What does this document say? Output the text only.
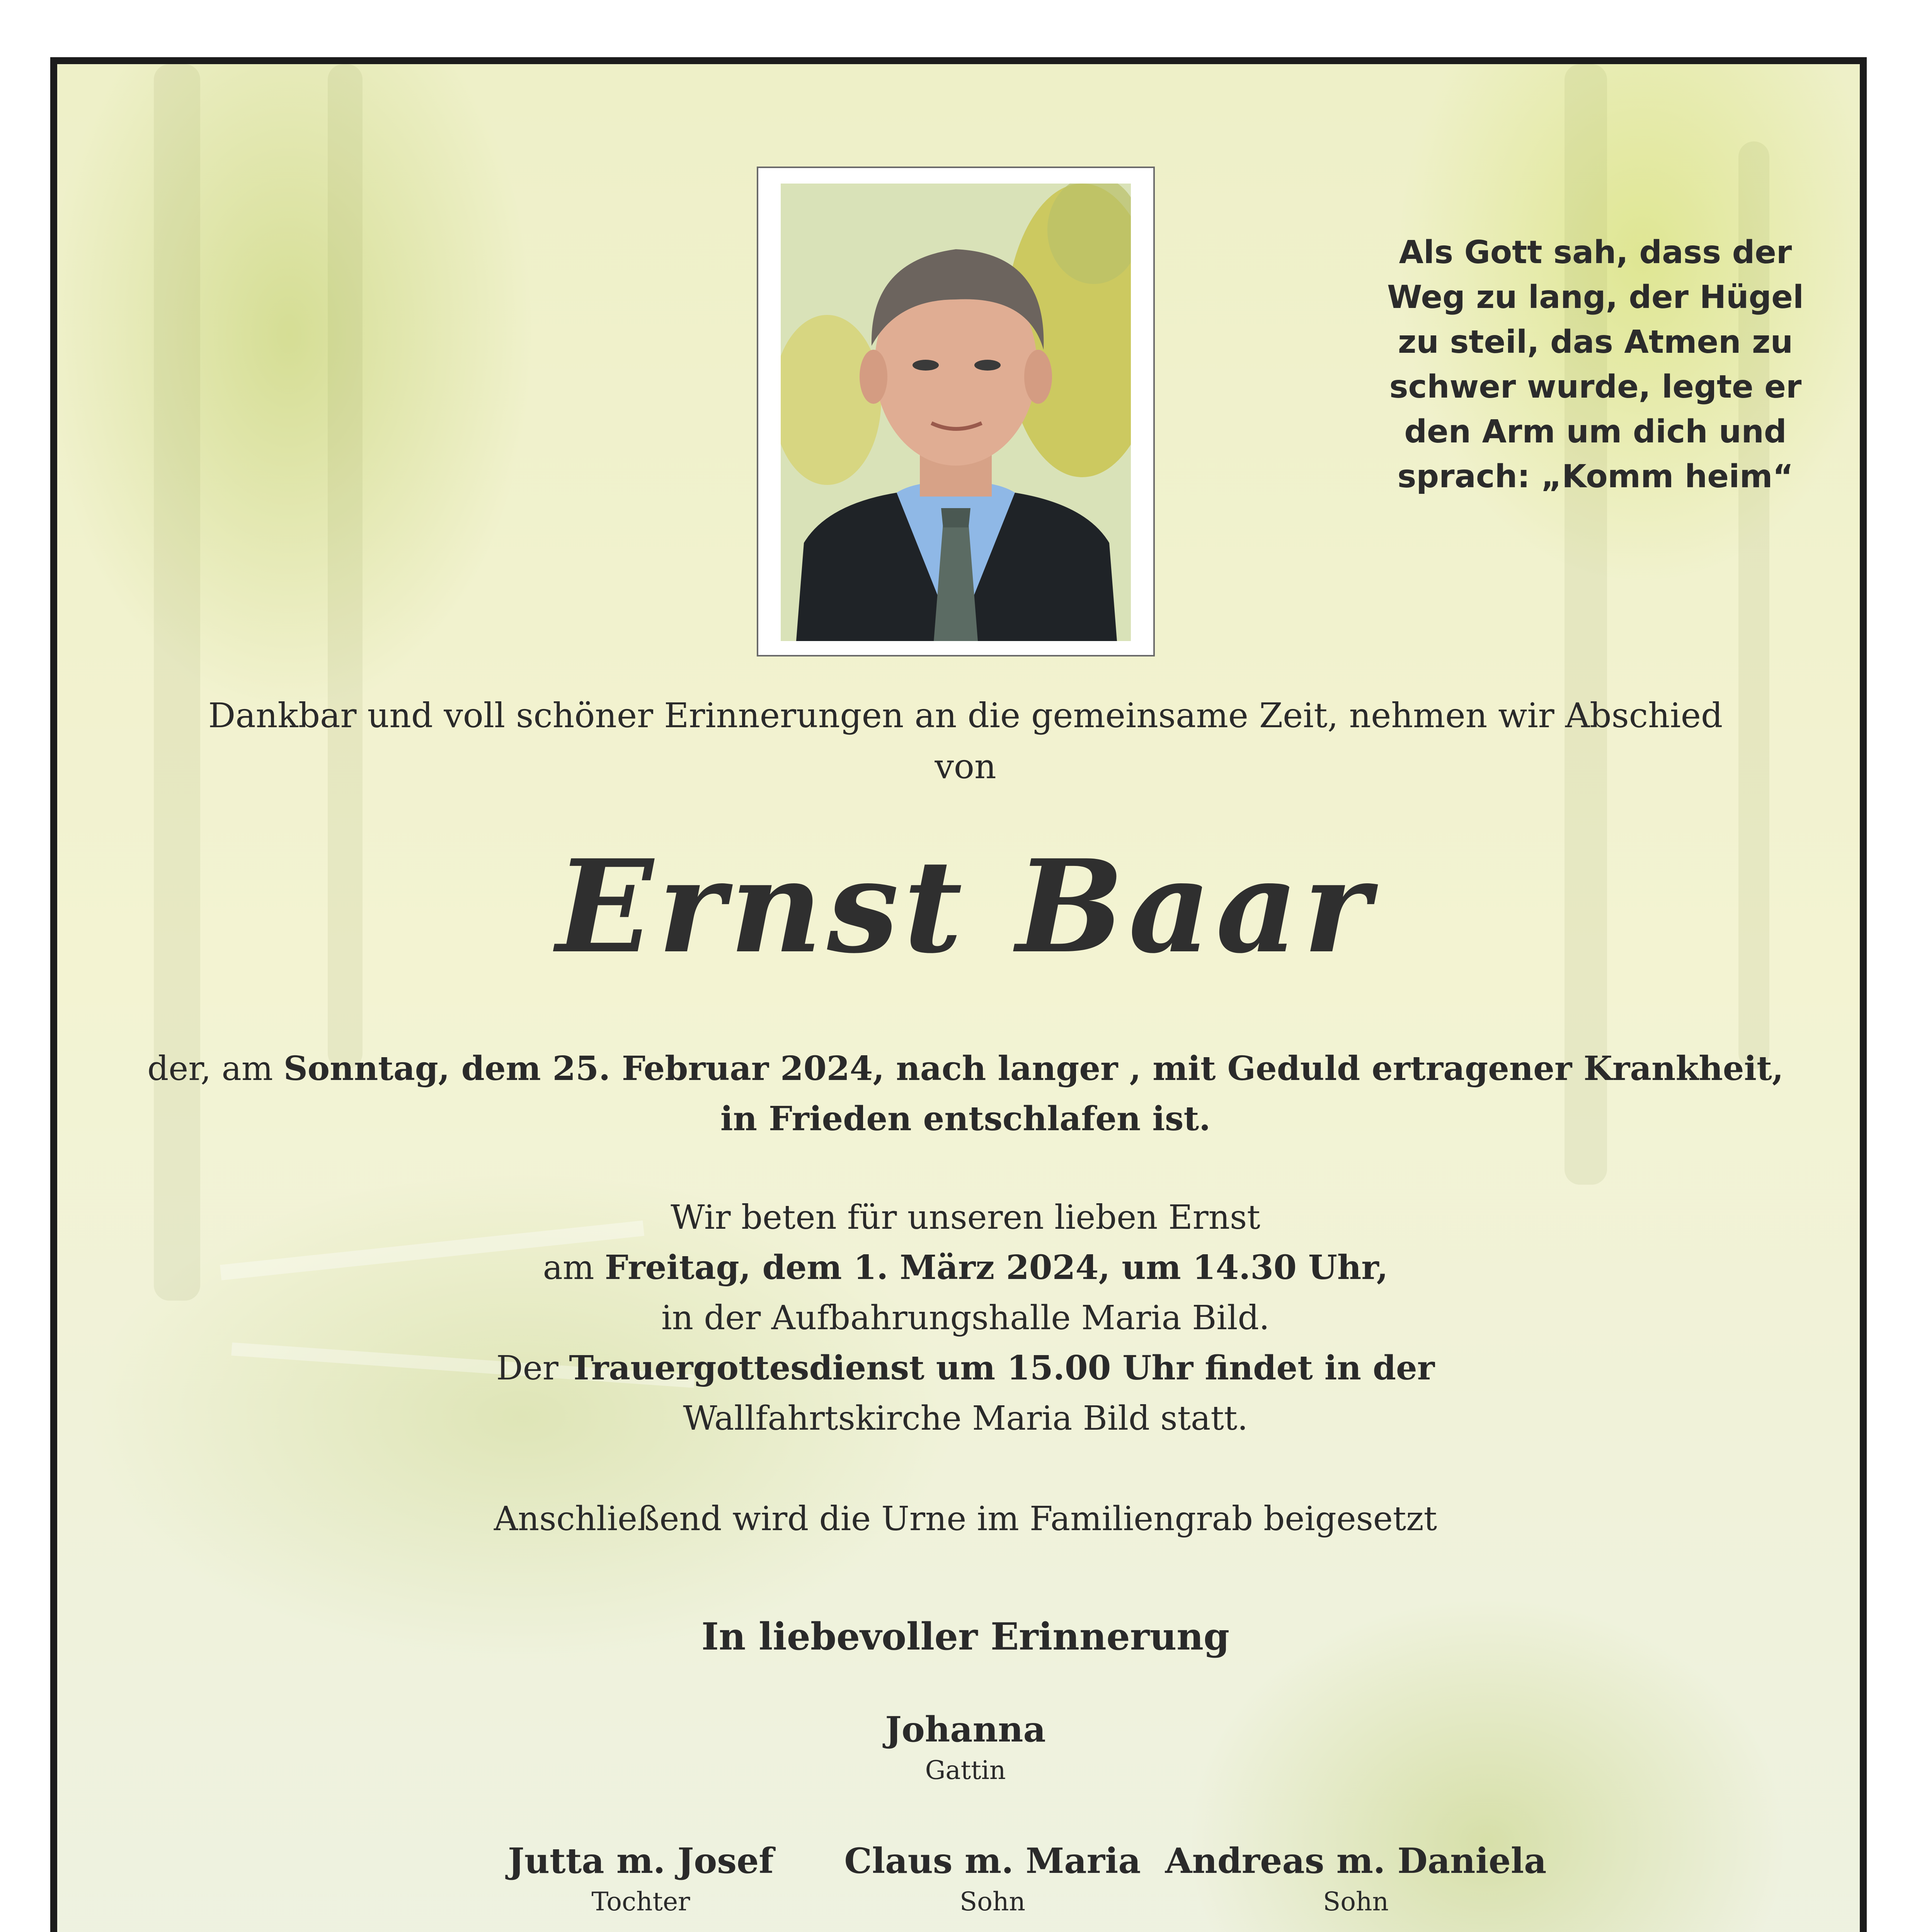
Als Gott sah, dass der
Weg zu lang, der Hügel
zu steil, das Atmen zu
schwer wurde, legte er
den Arm um dich und
sprach: „Komm heim“
Dankbar und voll schöner Erinnerungen an die gemeinsame Zeit, nehmen wir Abschied
von
Ernst Baar
der, am Sonntag, dem 25. Februar 2024, nach langer , mit Geduld ertragener Krankheit,
in Frieden entschlafen ist.
Wir beten für unseren lieben Ernst
am Freitag, dem 1. März 2024, um 14.30 Uhr,
in der Aufbahrungshalle Maria Bild.
Der Trauergottesdienst um 15.00 Uhr findet in der
Wallfahrtskirche Maria Bild statt.
Anschließend wird die Urne im Familiengrab beigesetzt
In liebevoller Erinnerung
Johanna
Gattin
Jutta m. Josef
Tochter
Claus m. Maria
Sohn
Andreas m. Daniela
Sohn
